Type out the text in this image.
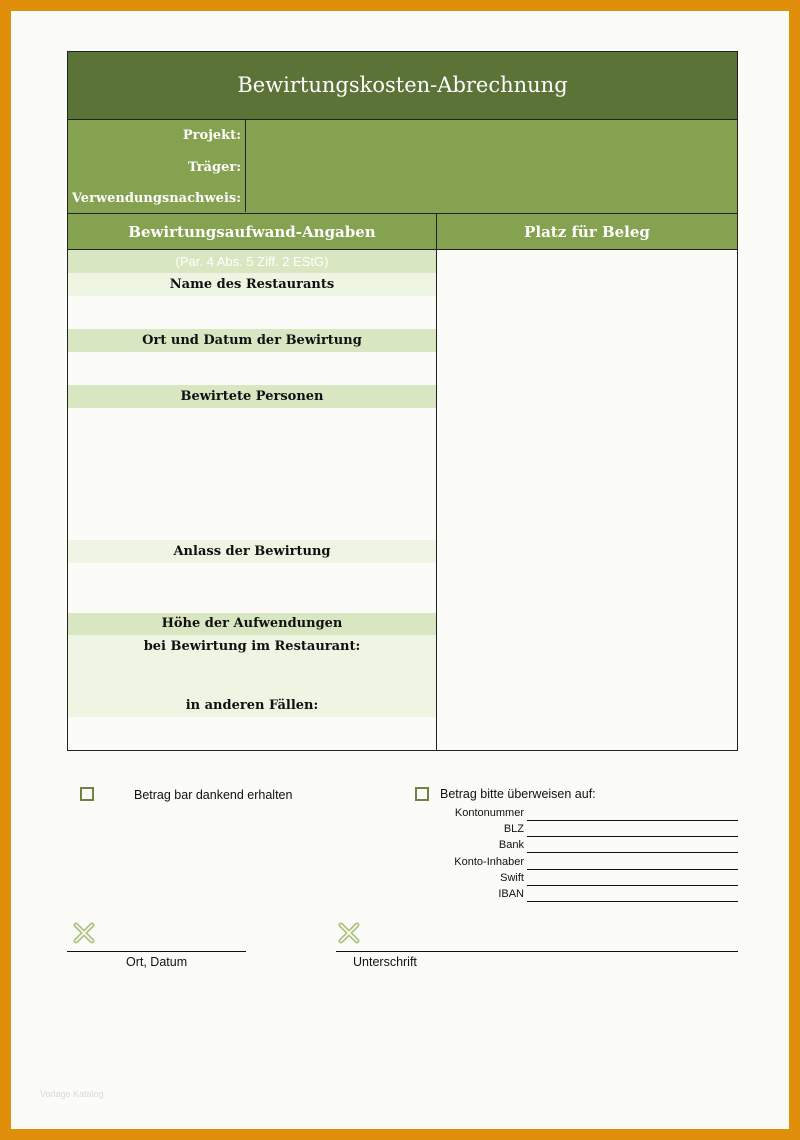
Bewirtungskosten-Abrechnung
Projekt:
Träger:
Verwendungsnachweis:
Bewirtungsaufwand-Angaben	Platz für Beleg
(Par. 4 Abs. 5 Ziff. 2 EStG)
Name des Restaurants
Ort und Datum der Bewirtung
Bewirtete Personen
Anlass der Bewirtung
Höhe der Aufwendungen
bei Bewirtung im Restaurant:
in anderen Fällen:
Betrag bar dankend erhalten	Betrag bitte überweisen auf:
Kontonummer
BLZ
Bank
Konto-Inhaber
Swift
IBAN
Ort, Datum	Unterschrift
Vorlage Katalog
